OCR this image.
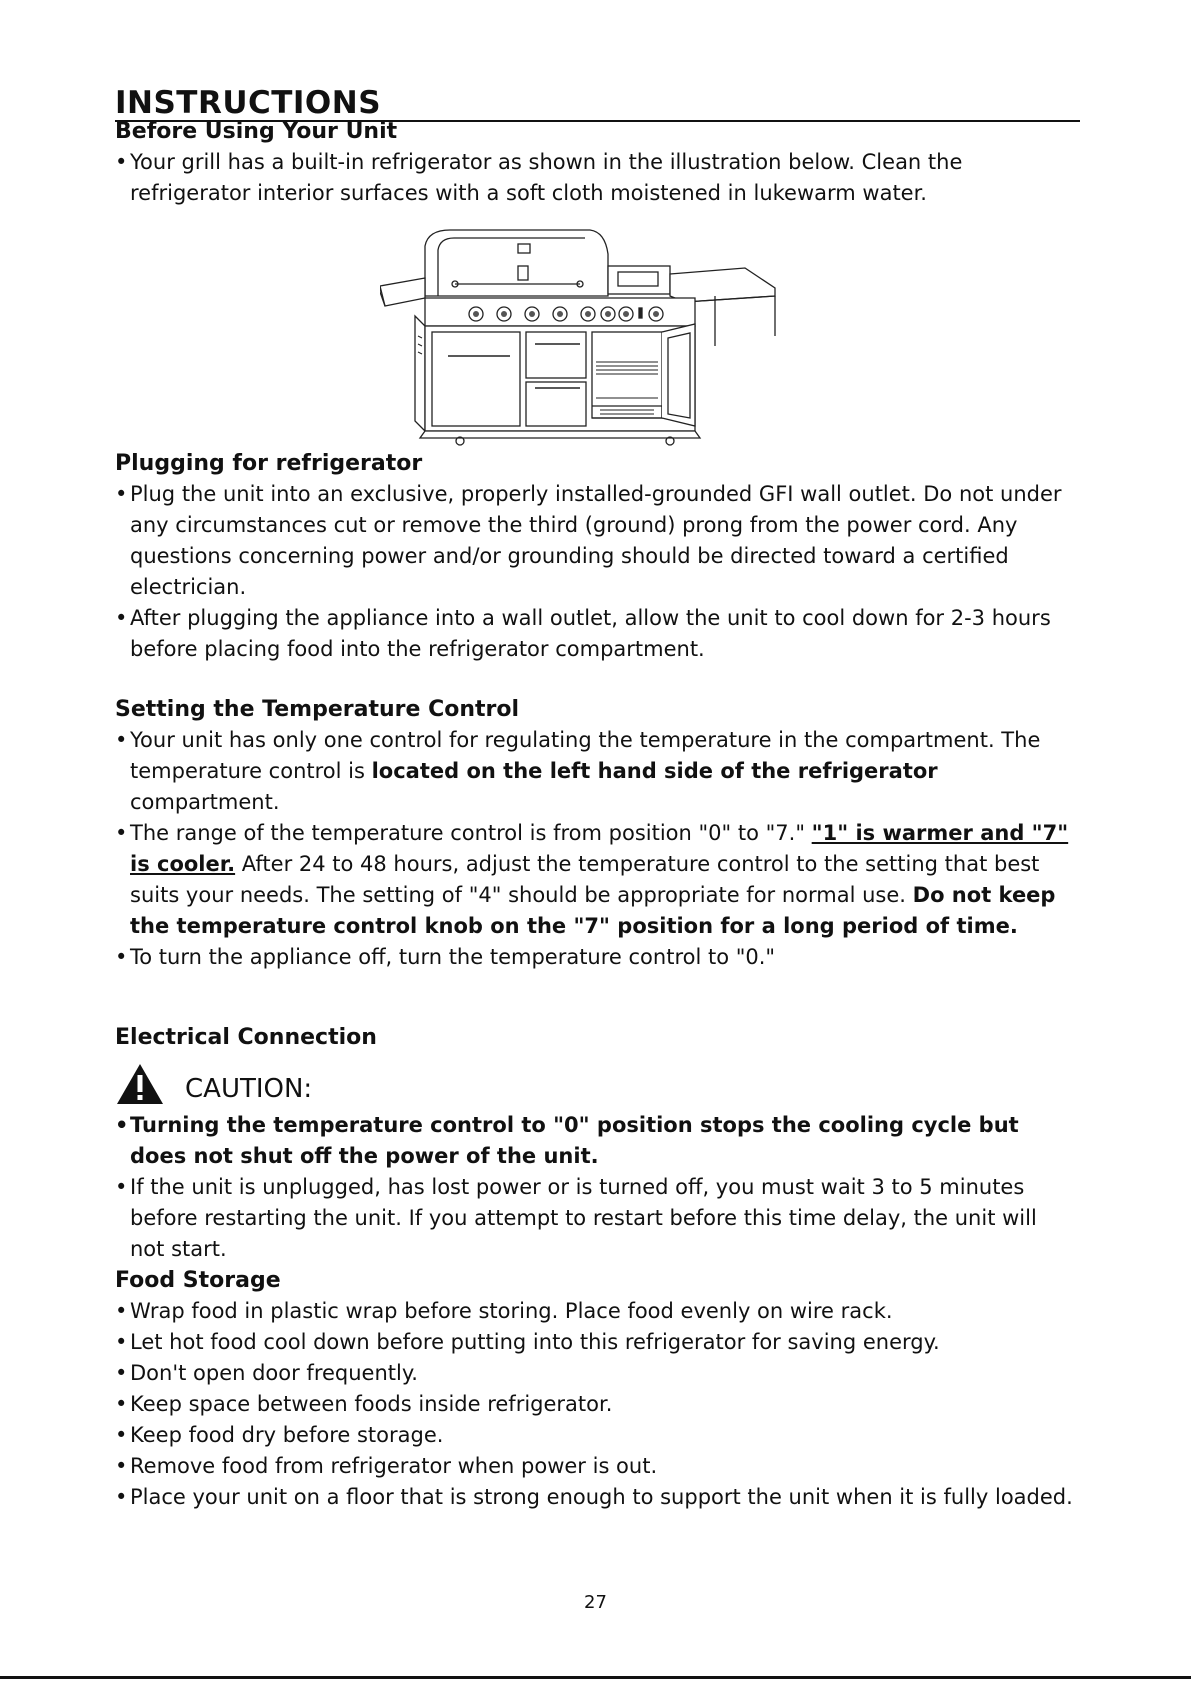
INSTRUCTIONS
Before Using Your Unit
• Your grill has a built-in refrigerator as shown in the illustration below. Clean the refrigerator interior surfaces with a soft cloth moistened in lukewarm water.
Plugging for refrigerator
• Plug the unit into an exclusive, properly installed-grounded GFI wall outlet. Do not under any circumstances cut or remove the third (ground) prong from the power cord. Any questions concerning power and/or grounding should be directed toward a certified electrician.
• After plugging the appliance into a wall outlet, allow the unit to cool down for 2-3 hours before placing food into the refrigerator compartment.
Setting the Temperature Control
• Your unit has only one control for regulating the temperature in the compartment. The temperature control is located on the left hand side of the refrigerator compartment.
• The range of the temperature control is from position "0" to "7." "1" is warmer and "7" is cooler. After 24 to 48 hours, adjust the temperature control to the setting that best suits your needs. The setting of "4" should be appropriate for normal use. Do not keep the temperature control knob on the "7" position for a long period of time.
• To turn the appliance off, turn the temperature control to "0."
Electrical Connection
CAUTION:
• Turning the temperature control to "0" position stops the cooling cycle but does not shut off the power of the unit.
• If the unit is unplugged, has lost power or is turned off, you must wait 3 to 5 minutes before restarting the unit. If you attempt to restart before this time delay, the unit will not start.
Food Storage
• Wrap food in plastic wrap before storing. Place food evenly on wire rack.
• Let hot food cool down before putting into this refrigerator for saving energy.
• Don't open door frequently.
• Keep space between foods inside refrigerator.
• Keep food dry before storage.
• Remove food from refrigerator when power is out.
• Place your unit on a floor that is strong enough to support the unit when it is fully loaded.
27
